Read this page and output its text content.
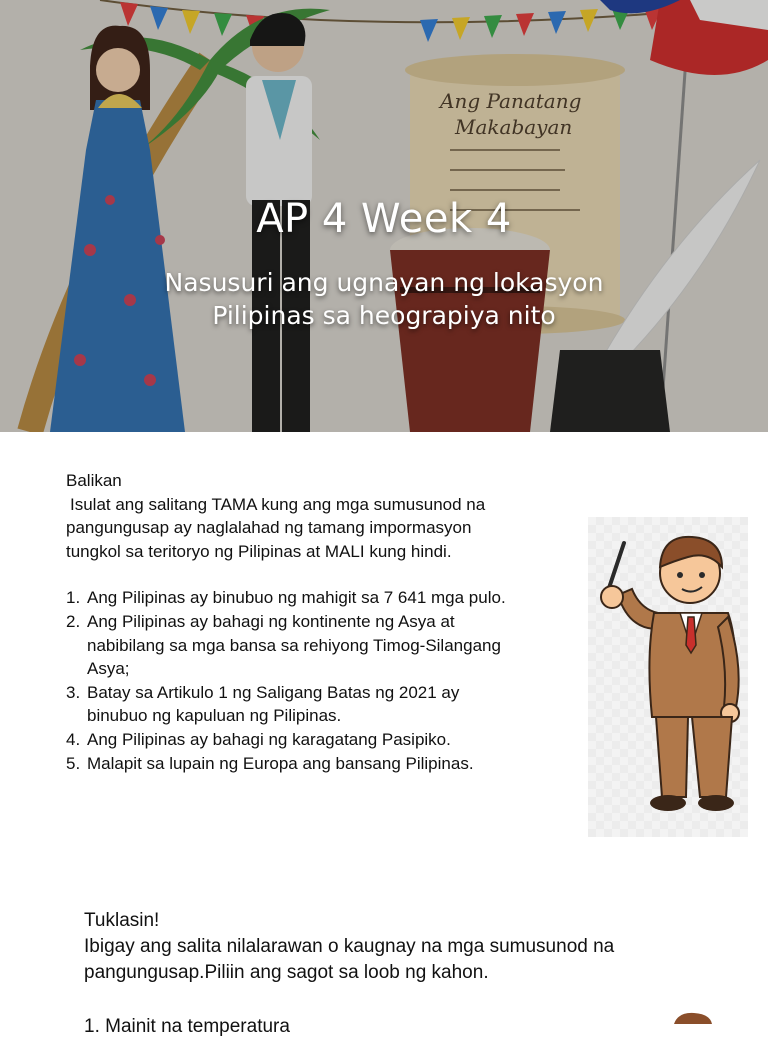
Ang Panatang
Makabayan
AP 4 Week 4
Nasusuri ang ugnayan ng lokasyon
Pilipinas sa heograpiya nito
Balikan
Isulat ang salitang TAMA kung ang mga sumusunod na
pangungusap ay naglalahad ng tamang impormasyon
tungkol sa teritoryo ng Pilipinas at MALI kung hindi.
1. Ang Pilipinas ay binubuo ng mahigit sa 7 641 mga pulo.
2. Ang Pilipinas ay bahagi ng kontinente ng Asya at
nabibilang sa mga bansa sa rehiyong Timog-Silangang
Asya;
3. Batay sa Artikulo 1 ng Saligang Batas ng 2021 ay
binubuo ng kapuluan ng Pilipinas.
4. Ang Pilipinas ay bahagi ng karagatang Pasipiko.
5. Malapit sa lupain ng Europa ang bansang Pilipinas.
Tuklasin!
Ibigay ang salita nilalarawan o kaugnay na mga sumusunod na
pangungusap.Piliin ang sagot sa loob ng kahon.
1. Mainit na temperatura
